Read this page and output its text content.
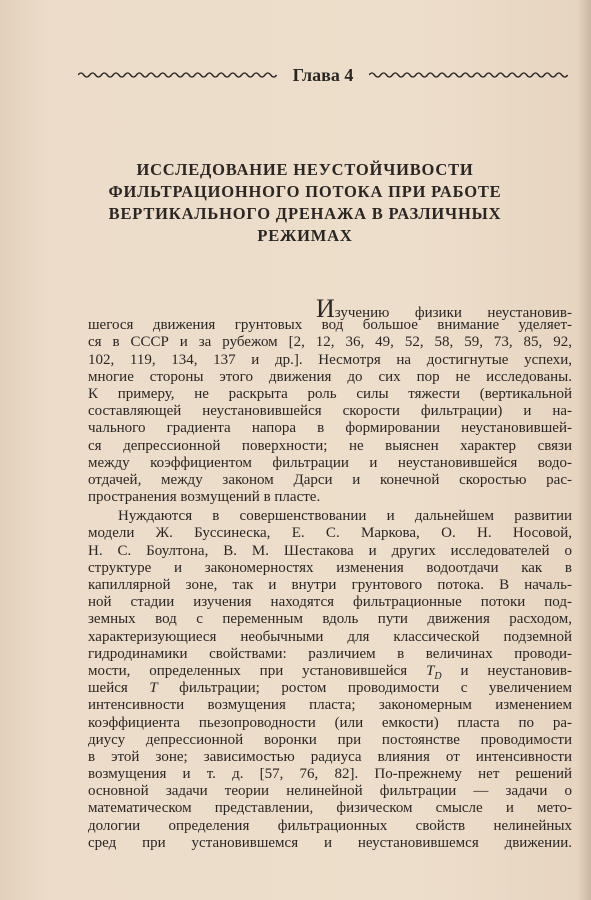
Глава 4
ИССЛЕДОВАНИЕ НЕУСТОЙЧИВОСТИ
ФИЛЬТРАЦИОННОГО ПОТОКА ПРИ РАБОТЕ
ВЕРТИКАЛЬНОГО ДРЕНАЖА В РАЗЛИЧНЫХ
РЕЖИМАХ
Изучению физики неустановив-
шегося движения грунтовых вод большое внимание уделяет-
ся в СССР и за рубежом [2, 12, 36, 49, 52, 58, 59, 73, 85, 92,
102, 119, 134, 137 и др.]. Несмотря на достигнутые успехи,
многие стороны этого движения до сих пор не исследованы.
К примеру, не раскрыта роль силы тяжести (вертикальной
составляющей неустановившейся скорости фильтрации) и на-
чального градиента напора в формировании неустановившей-
ся депрессионной поверхности; не выяснен характер связи
между коэффициентом фильтрации и неустановившейся водо-
отдачей, между законом Дарси и конечной скоростью рас-
пространения возмущений в пласте.
Нуждаются в совершенствовании и дальнейшем развитии
модели Ж. Буссинеска, Е. С. Маркова, О. Н. Носовой,
Н. С. Боултона, В. М. Шестакова и других исследователей о
структуре и закономерностях изменения водоотдачи как в
капиллярной зоне, так и внутри грунтового потока. В началь-
ной стадии изучения находятся фильтрационные потоки под-
земных вод с переменным вдоль пути движения расходом,
характеризующиеся необычными для классической подземной
гидродинамики свойствами: различием в величинах проводи-
мости, определенных при установившейся $T_D$ и неустановив-
шейся T фильтрации; ростом проводимости с увеличением
интенсивности возмущения пласта; закономерным изменением
коэффициента пьезопроводности (или емкости) пласта по ра-
диусу депрессионной воронки при постоянстве проводимости
в этой зоне; зависимостью радиуса влияния от интенсивности
возмущения и т. д. [57, 76, 82]. По-прежнему нет решений
основной задачи теории нелинейной фильтрации — задачи о
математическом представлении, физическом смысле и мето-
дологии определения фильтрационных свойств нелинейных
сред при установившемся и неустановившемся движении.
